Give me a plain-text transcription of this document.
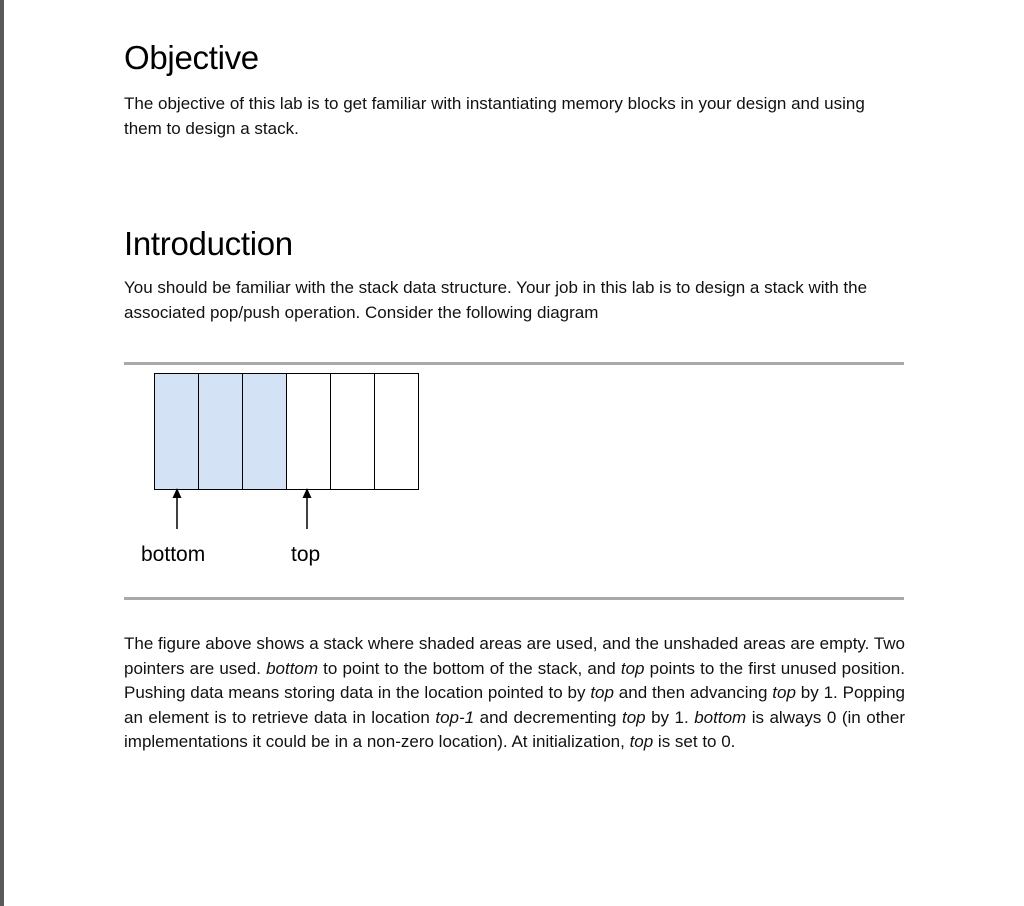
Objective

The objective of this lab is to get familiar with instantiating memory blocks in your design and using them to design a stack.

Introduction

You should be familiar with the stack data structure. Your job in this lab is to design a stack with the associated pop/push operation. Consider the following diagram

bottom	top

The figure above shows a stack where shaded areas are used, and the unshaded areas are empty. Two pointers are used. bottom to point to the bottom of the stack, and top points to the first unused position. Pushing data means storing data in the location pointed to by top and then advancing top by 1. Popping an element is to retrieve data in location top-1 and decrementing top by 1. bottom is always 0 (in other implementations it could be in a non-zero location). At initialization, top is set to 0.
